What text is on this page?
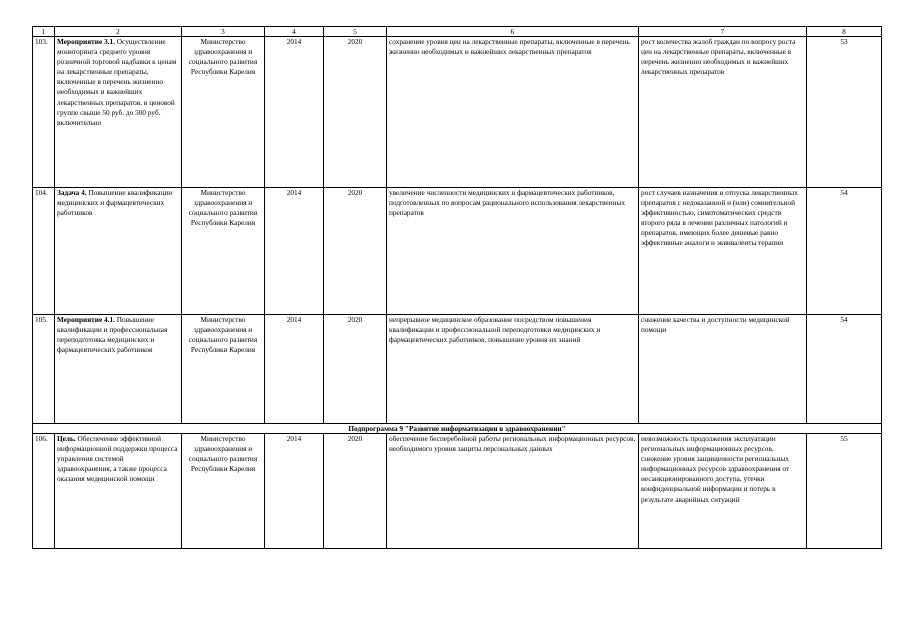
1	2	3	4	5	6	7	8
103.	Мероприятие 3.1. Осуществление мониторинга среднего уровня розничной торговой надбавки к ценам на лекарственные препараты, включенные в перечень жизненно необходимых и важнейших лекарственных препаратов, в ценовой группе свыше 50 руб. до 500 руб. включительно	Министерство здравоохранения и социального развития Республики Карелия	2014	2020	сохранение уровня цен на лекарственные препараты, включенные в перечень жизненно необходимых и важнейших лекарственных препаратов	рост количества жалоб граждан по вопросу роста цен на лекарственные препараты, включенные в перечень жизненно необходимых и важнейших лекарственных препаратов	53
104.	Задача 4. Повышение квалификации медицинских и фармацевтических работников	Министерство здравоохранения и социального развития Республики Карелия	2014	2020	увеличение численности медицинских и фармацевтических работников, подготовленных по вопросам рационального использования лекарственных препаратов	рост случаев назначения и отпуска лекарственных препаратов с недоказанной и (или) сомнительной эффективностью, симптоматических средств второго ряда в лечении различных патологий и препаратов, имеющих более дешевые равно эффективные аналоги и эквиваленты терапии	54
105.	Мероприятие 4.1. Повышение квалификации и профессиональная переподготовка медицинских и фармацевтических работников	Министерство здравоохранения и социального развития Республики Карелия	2014	2020	непрерывное медицинское образование посредством повышения квалификации и профессиональной переподготовки медицинских и фармацевтических работников, повышение уровня их знаний	снижение качества и доступности медицинской помощи	54
Подпрограмма 9 "Развитие информатизации в здравоохранении"							
106.	Цель. Обеспечение эффективной информационной поддержки процесса управления системой здравоохранения, а также процесса оказания медицинской помощи	Министерство здравоохранения и социального развития Республики Карелия	2014	2020	обеспечение бесперебойной работы региональных информационных ресурсов, необходимого уровня защиты персональных данных	невозможность продолжения эксплуатации региональных информационных ресурсов, снижение уровня защищенности региональных информационных ресурсов здравоохранения от несанкционированного доступа, утечки конфиденциальной информации и потерь в результате аварийных ситуаций	55
